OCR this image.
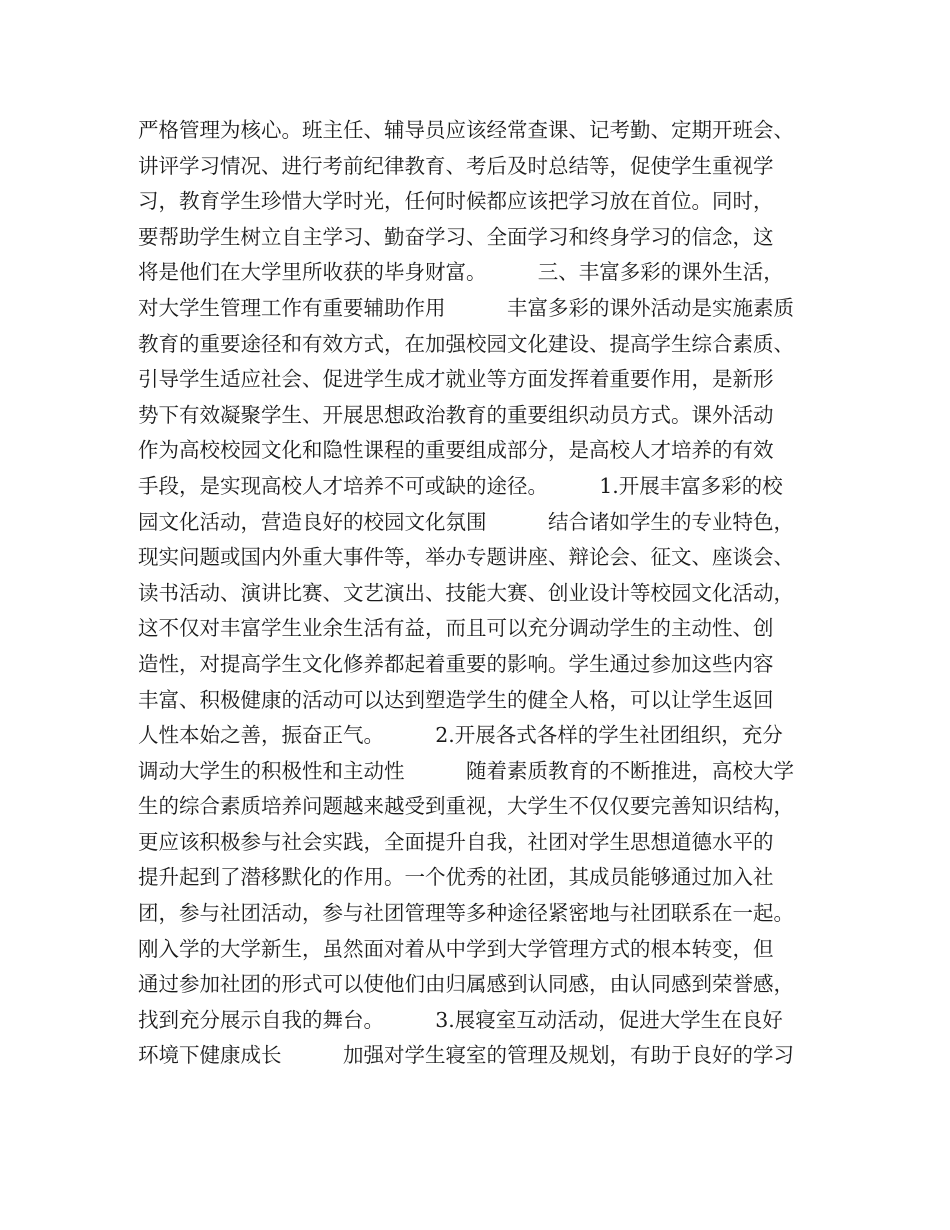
严格管理为核心。班主任、辅导员应该经常查课、记考勤、定期开班会、
讲评学习情况、进行考前纪律教育、考后及时总结等，促使学生重视学
习，教育学生珍惜大学时光，任何时候都应该把学习放在首位。同时，
要帮助学生树立自主学习、勤奋学习、全面学习和终身学习的信念，这
将是他们在大学里所收获的毕身财富。　　　三、丰富多彩的课外生活，
对大学生管理工作有重要辅助作用　　　丰富多彩的课外活动是实施素质
教育的重要途径和有效方式，在加强校园文化建设、提高学生综合素质、
引导学生适应社会、促进学生成才就业等方面发挥着重要作用，是新形
势下有效凝聚学生、开展思想政治教育的重要组织动员方式。课外活动
作为高校校园文化和隐性课程的重要组成部分，是高校人才培养的有效
手段，是实现高校人才培养不可或缺的途径。　　　1.开展丰富多彩的校
园文化活动，营造良好的校园文化氛围　　　结合诸如学生的专业特色，
现实问题或国内外重大事件等，举办专题讲座、辩论会、征文、座谈会、
读书活动、演讲比赛、文艺演出、技能大赛、创业设计等校园文化活动，
这不仅对丰富学生业余生活有益，而且可以充分调动学生的主动性、创
造性，对提高学生文化修养都起着重要的影响。学生通过参加这些内容
丰富、积极健康的活动可以达到塑造学生的健全人格，可以让学生返回
人性本始之善，振奋正气。　　　2.开展各式各样的学生社团组织，充分
调动大学生的积极性和主动性　　　随着素质教育的不断推进，高校大学
生的综合素质培养问题越来越受到重视，大学生不仅仅要完善知识结构，
更应该积极参与社会实践，全面提升自我，社团对学生思想道德水平的
提升起到了潜移默化的作用。一个优秀的社团，其成员能够通过加入社
团，参与社团活动，参与社团管理等多种途径紧密地与社团联系在一起。
刚入学的大学新生，虽然面对着从中学到大学管理方式的根本转变，但
通过参加社团的形式可以使他们由归属感到认同感，由认同感到荣誉感，
找到充分展示自我的舞台。　　　3.展寝室互动活动，促进大学生在良好
环境下健康成长　　　加强对学生寝室的管理及规划，有助于良好的学习
